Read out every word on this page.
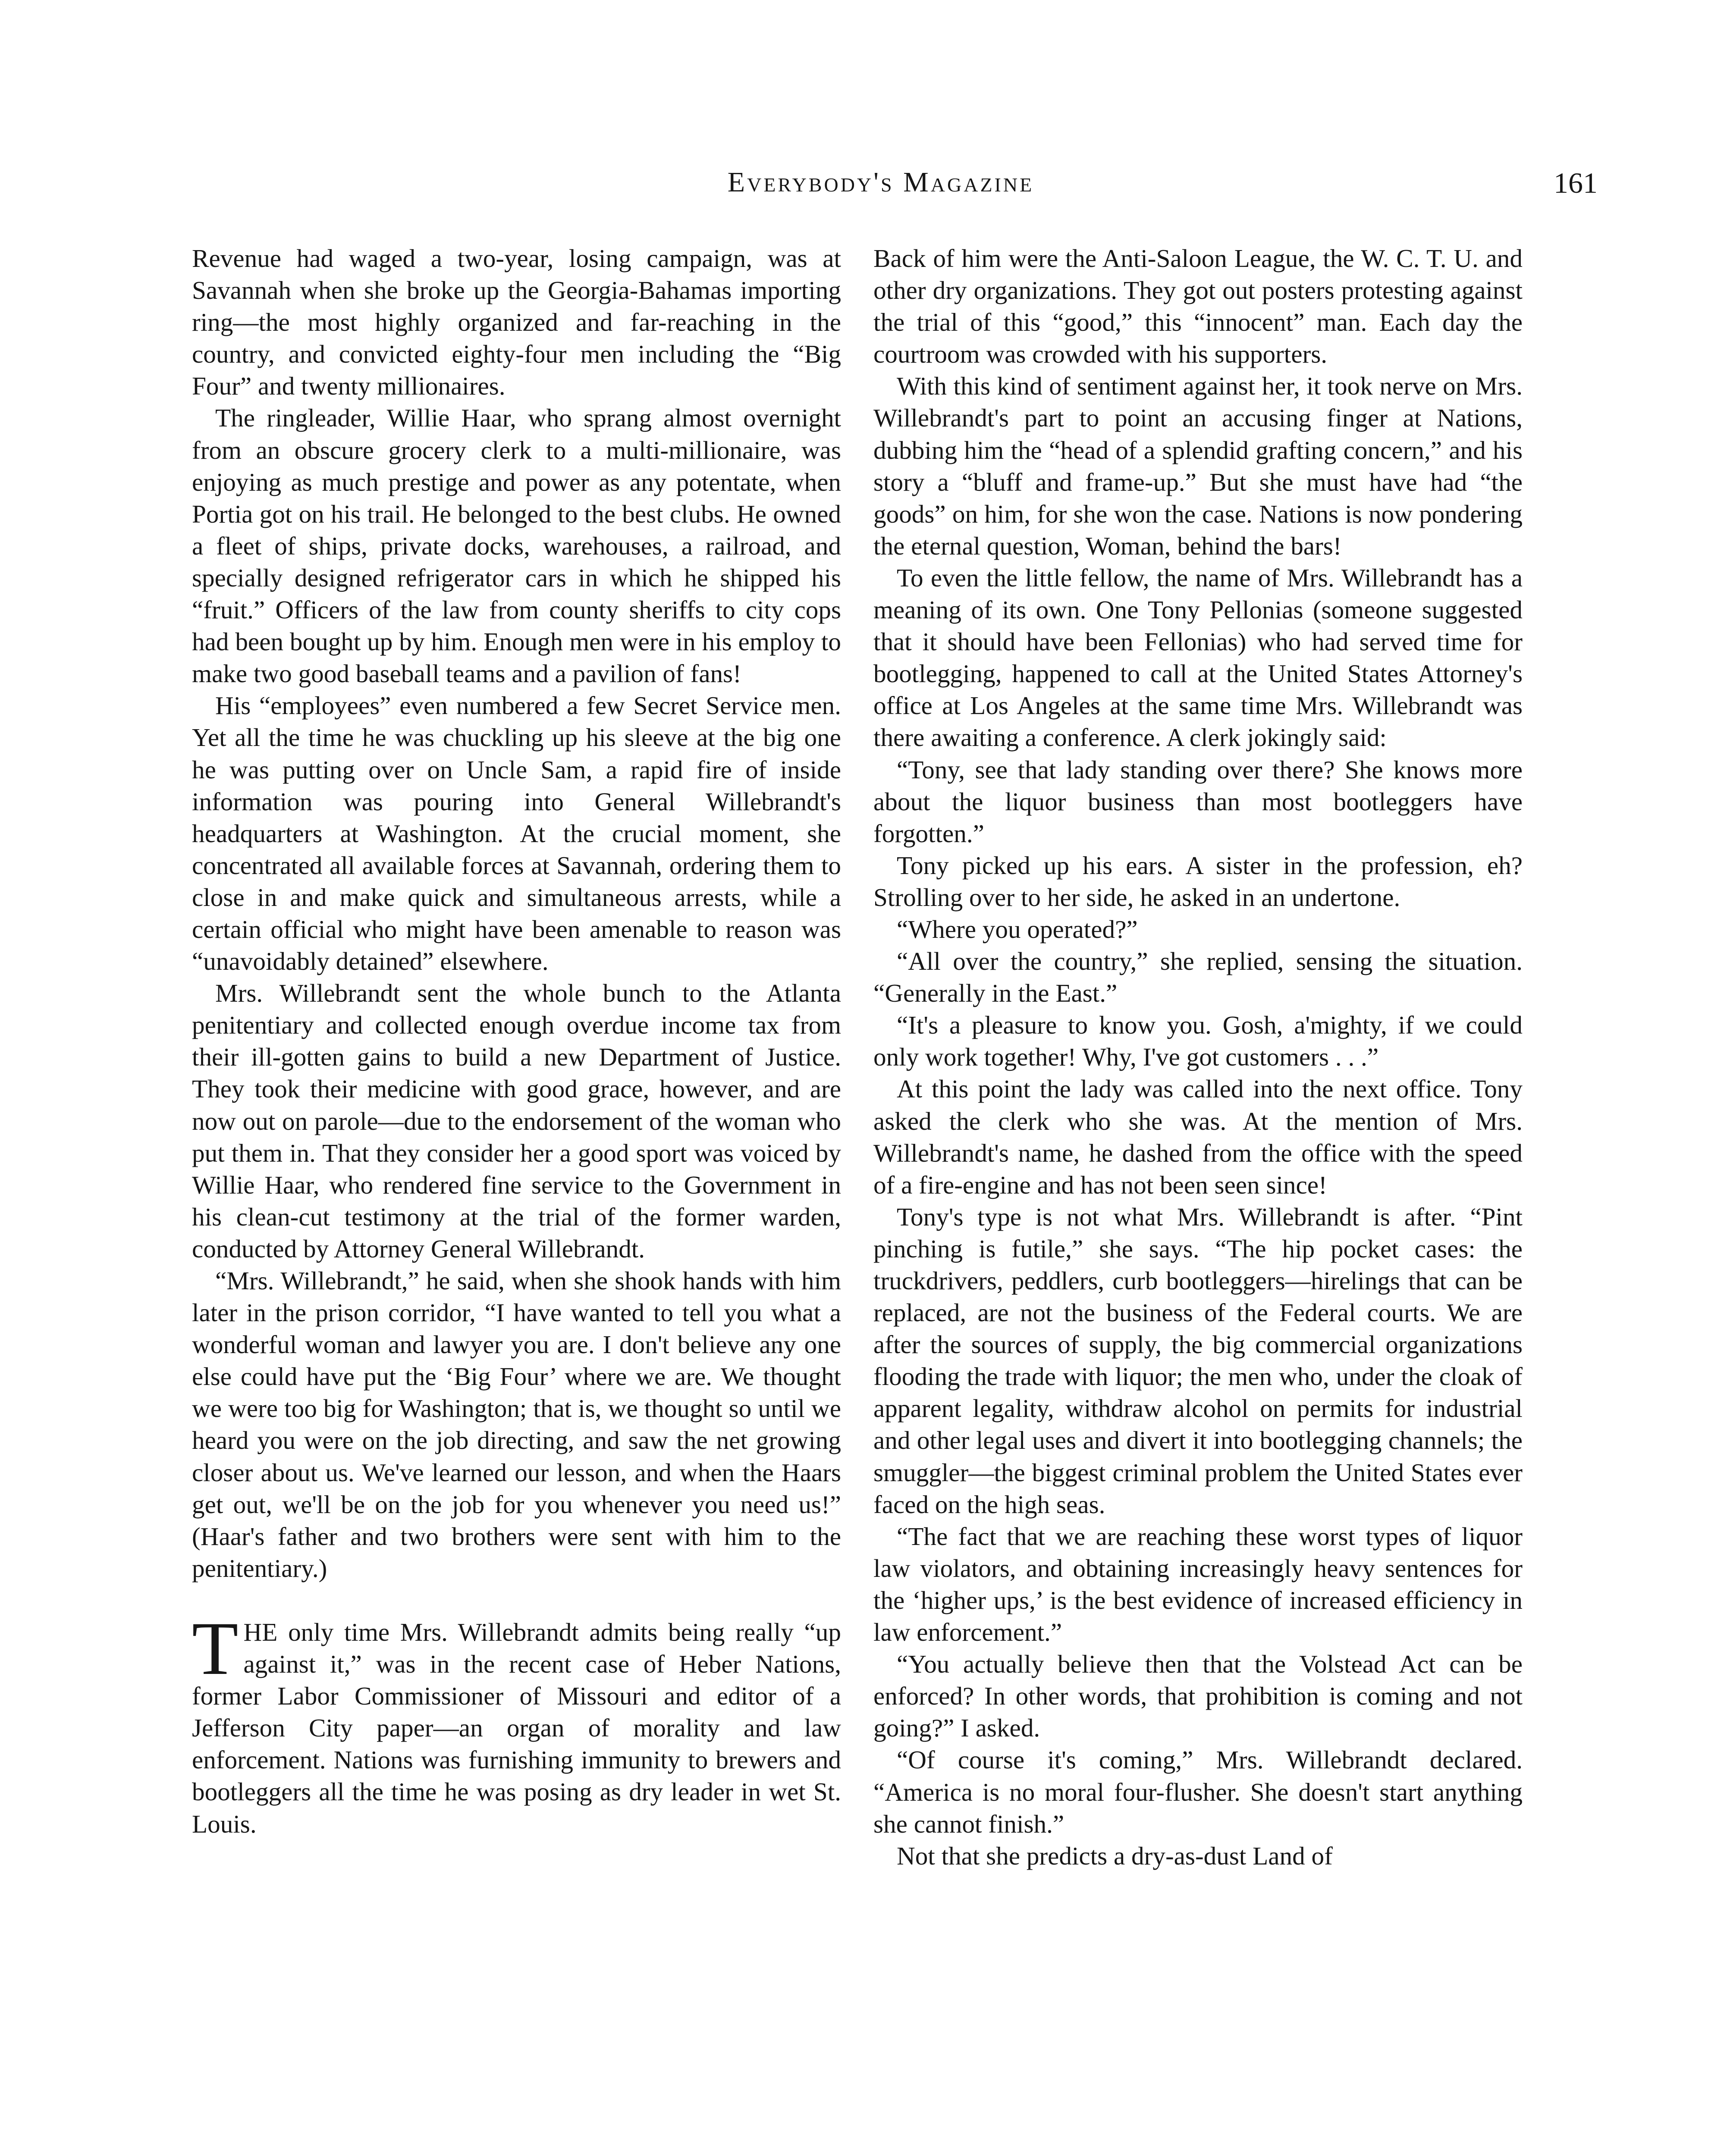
Everybody's Magazine	161

Revenue had waged a two-year, losing campaign, was at Savannah when she broke up the Georgia-Bahamas importing ring—the most highly organized and far-reaching in the country, and convicted eighty-four men including the “Big Four” and twenty millionaires.

The ringleader, Willie Haar, who sprang almost overnight from an obscure grocery clerk to a multi-millionaire, was enjoying as much prestige and power as any potentate, when Portia got on his trail. He belonged to the best clubs. He owned a fleet of ships, private docks, warehouses, a railroad, and specially designed refrigerator cars in which he shipped his “fruit.” Officers of the law from county sheriffs to city cops had been bought up by him. Enough men were in his employ to make two good baseball teams and a pavilion of fans!

His “employees” even numbered a few Secret Service men. Yet all the time he was chuckling up his sleeve at the big one he was putting over on Uncle Sam, a rapid fire of inside information was pouring into General Willebrandt's headquarters at Washington. At the crucial moment, she concentrated all available forces at Savannah, ordering them to close in and make quick and simultaneous arrests, while a certain official who might have been amenable to reason was “unavoidably detained” elsewhere.

Mrs. Willebrandt sent the whole bunch to the Atlanta penitentiary and collected enough overdue income tax from their ill-gotten gains to build a new Department of Justice. They took their medicine with good grace, however, and are now out on parole—due to the endorsement of the woman who put them in. That they consider her a good sport was voiced by Willie Haar, who rendered fine service to the Government in his clean-cut testimony at the trial of the former warden, conducted by Attorney General Willebrandt.

“Mrs. Willebrandt,” he said, when she shook hands with him later in the prison corridor, “I have wanted to tell you what a wonderful woman and lawyer you are. I don't believe any one else could have put the ‘Big Four’ where we are. We thought we were too big for Washington; that is, we thought so until we heard you were on the job directing, and saw the net growing closer about us. We've learned our lesson, and when the Haars get out, we'll be on the job for you whenever you need us!” (Haar's father and two brothers were sent with him to the penitentiary.)

THE only time Mrs. Willebrandt admits being really “up against it,” was in the recent case of Heber Nations, former Labor Commissioner of Missouri and editor of a Jefferson City paper—an organ of morality and law enforcement. Nations was furnishing immunity to brewers and bootleggers all the time he was posing as dry leader in wet St. Louis.

Back of him were the Anti-Saloon League, the W. C. T. U. and other dry organizations. They got out posters protesting against the trial of this “good,” this “innocent” man. Each day the courtroom was crowded with his supporters.

With this kind of sentiment against her, it took nerve on Mrs. Willebrandt's part to point an accusing finger at Nations, dubbing him the “head of a splendid grafting concern,” and his story a “bluff and frame-up.” But she must have had “the goods” on him, for she won the case. Nations is now pondering the eternal question, Woman, behind the bars!

To even the little fellow, the name of Mrs. Willebrandt has a meaning of its own. One Tony Pellonias (someone suggested that it should have been Fellonias) who had served time for bootlegging, happened to call at the United States Attorney's office at Los Angeles at the same time Mrs. Willebrandt was there awaiting a conference. A clerk jokingly said:

“Tony, see that lady standing over there? She knows more about the liquor business than most bootleggers have forgotten.”

Tony picked up his ears. A sister in the profession, eh? Strolling over to her side, he asked in an undertone.

“Where you operated?”

“All over the country,” she replied, sensing the situation. “Generally in the East.”

“It's a pleasure to know you. Gosh, a'mighty, if we could only work together! Why, I've got customers . . .”

At this point the lady was called into the next office. Tony asked the clerk who she was. At the mention of Mrs. Willebrandt's name, he dashed from the office with the speed of a fire-engine and has not been seen since!

Tony's type is not what Mrs. Willebrandt is after. “Pint pinching is futile,” she says. “The hip pocket cases: the truckdrivers, peddlers, curb bootleggers—hirelings that can be replaced, are not the business of the Federal courts. We are after the sources of supply, the big commercial organizations flooding the trade with liquor; the men who, under the cloak of apparent legality, withdraw alcohol on permits for industrial and other legal uses and divert it into bootlegging channels; the smuggler—the biggest criminal problem the United States ever faced on the high seas.

“The fact that we are reaching these worst types of liquor law violators, and obtaining increasingly heavy sentences for the ‘higher ups,’ is the best evidence of increased efficiency in law enforcement.”

“You actually believe then that the Volstead Act can be enforced? In other words, that prohibition is coming and not going?” I asked.

“Of course it's coming,” Mrs. Willebrandt declared. “America is no moral four-flusher. She doesn't start anything she cannot finish.”

Not that she predicts a dry-as-dust Land of
